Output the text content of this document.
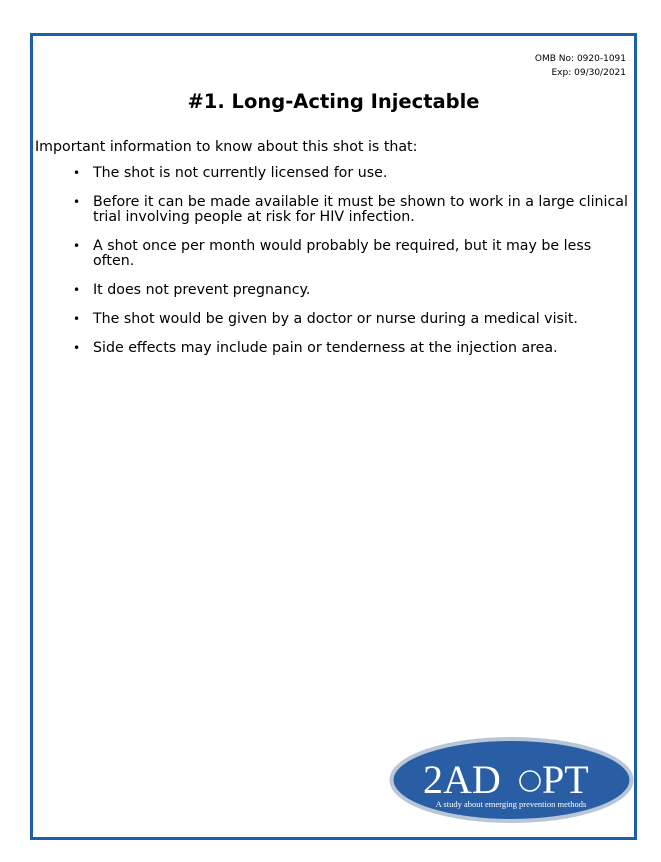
OMB No: 0920-1091
Exp: 09/30/2021
#1. Long-Acting Injectable

Important information to know about this shot is that:

• The shot is not currently licensed for use.
• Before it can be made available it must be shown to work in a large clinical trial involving people at risk for HIV infection.
• A shot once per month would probably be required, but it may be less often.
• It does not prevent pregnancy.
• The shot would be given by a doctor or nurse during a medical visit.
• Side effects may include pain or tenderness at the injection area.
2AD PT
A study about emerging prevention methods
